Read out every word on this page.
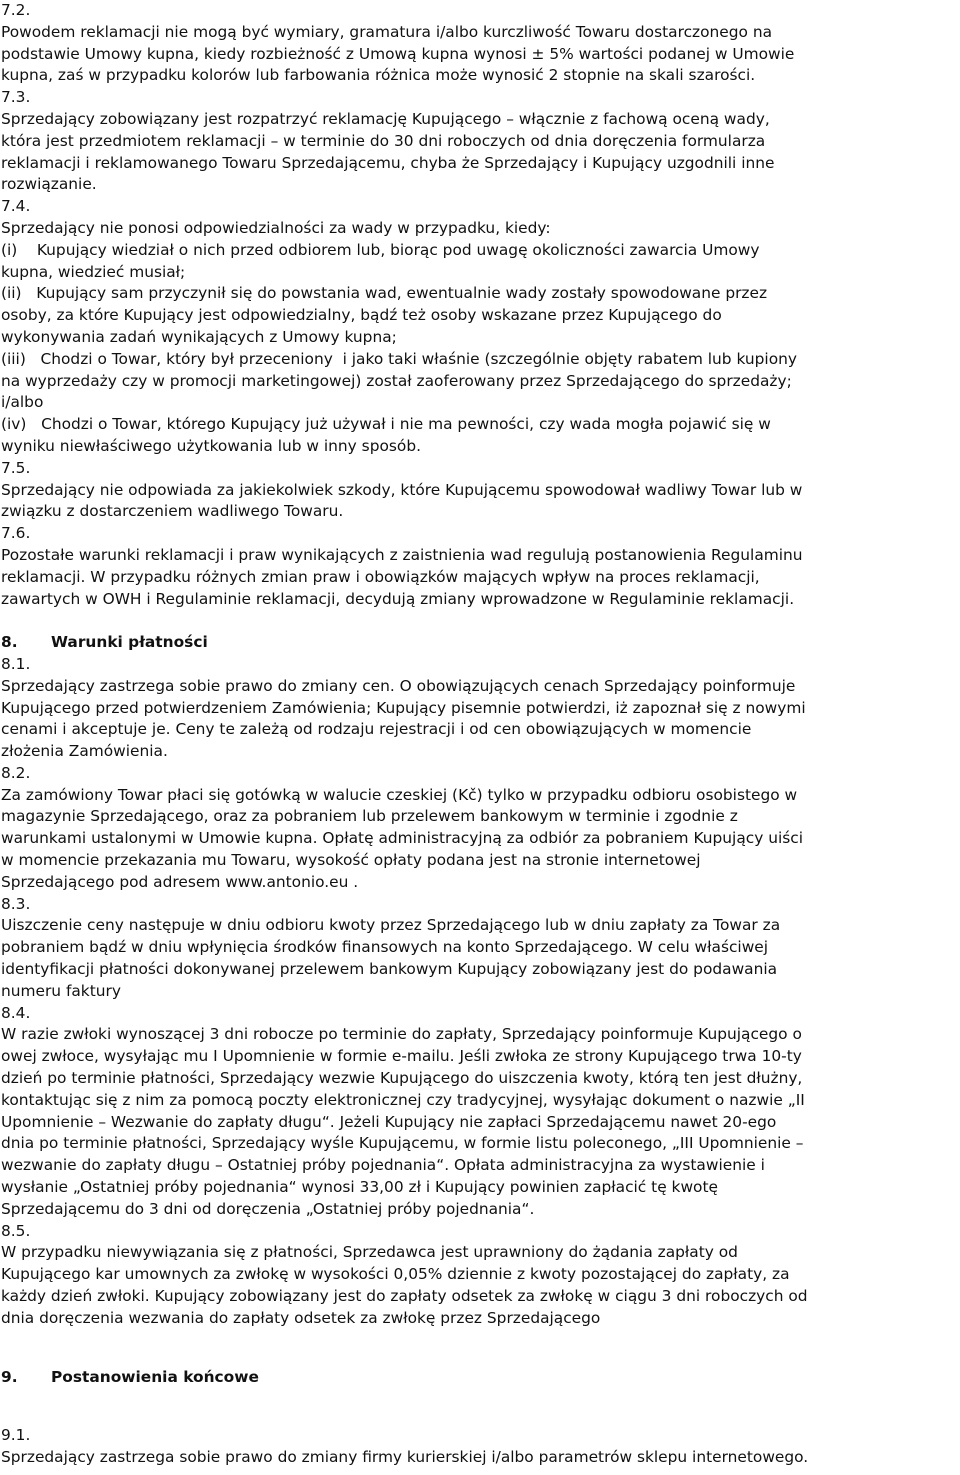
7.2.
Powodem reklamacji nie mogą być wymiary, gramatura i/albo kurczliwość Towaru dostarczonego na
podstawie Umowy kupna, kiedy rozbieżność z Umową kupna wynosi ± 5% wartości podanej w Umowie
kupna, zaś w przypadku kolorów lub farbowania różnica może wynosić 2 stopnie na skali szarości.
7.3.
Sprzedający zobowiązany jest rozpatrzyć reklamację Kupującego – włącznie z fachową oceną wady,
która jest przedmiotem reklamacji – w terminie do 30 dni roboczych od dnia doręczenia formularza
reklamacji i reklamowanego Towaru Sprzedającemu, chyba że Sprzedający i Kupujący uzgodnili inne
rozwiązanie.
7.4.
Sprzedający nie ponosi odpowiedzialności za wady w przypadku, kiedy:
(i)    Kupujący wiedział o nich przed odbiorem lub, biorąc pod uwagę okoliczności zawarcia Umowy
kupna, wiedzieć musiał;
(ii)   Kupujący sam przyczynił się do powstania wad, ewentualnie wady zostały spowodowane przez
osoby, za które Kupujący jest odpowiedzialny, bądź też osoby wskazane przez Kupującego do
wykonywania zadań wynikających z Umowy kupna;
(iii)   Chodzi o Towar, który był przeceniony  i jako taki właśnie (szczególnie objęty rabatem lub kupiony
na wyprzedaży czy w promocji marketingowej) został zaoferowany przez Sprzedającego do sprzedaży;
i/albo
(iv)   Chodzi o Towar, którego Kupujący już używał i nie ma pewności, czy wada mogła pojawić się w
wyniku niewłaściwego użytkowania lub w inny sposób.
7.5.
Sprzedający nie odpowiada za jakiekolwiek szkody, które Kupującemu spowodował wadliwy Towar lub w
związku z dostarczeniem wadliwego Towaru.
7.6.
Pozostałe warunki reklamacji i praw wynikających z zaistnienia wad regulują postanowienia Regulaminu
reklamacji. W przypadku różnych zmian praw i obowiązków mających wpływ na proces reklamacji,
zawartych w OWH i Regulaminie reklamacji, decydują zmiany wprowadzone w Regulaminie reklamacji.
8. Warunki płatności
8.1.
Sprzedający zastrzega sobie prawo do zmiany cen. O obowiązujących cenach Sprzedający poinformuje
Kupującego przed potwierdzeniem Zamówienia; Kupujący pisemnie potwierdzi, iż zapoznał się z nowymi
cenami i akceptuje je. Ceny te zależą od rodzaju rejestracji i od cen obowiązujących w momencie
złożenia Zamówienia.
8.2.
Za zamówiony Towar płaci się gotówką w walucie czeskiej (Kč) tylko w przypadku odbioru osobistego w
magazynie Sprzedającego, oraz za pobraniem lub przelewem bankowym w terminie i zgodnie z
warunkami ustalonymi w Umowie kupna. Opłatę administracyjną za odbiór za pobraniem Kupujący uiści
w momencie przekazania mu Towaru, wysokość opłaty podana jest na stronie internetowej
Sprzedającego pod adresem www.antonio.eu .
8.3.
Uiszczenie ceny następuje w dniu odbioru kwoty przez Sprzedającego lub w dniu zapłaty za Towar za
pobraniem bądź w dniu wpłynięcia środków finansowych na konto Sprzedającego. W celu właściwej
identyfikacji płatności dokonywanej przelewem bankowym Kupujący zobowiązany jest do podawania
numeru faktury
8.4.
W razie zwłoki wynoszącej 3 dni robocze po terminie do zapłaty, Sprzedający poinformuje Kupującego o
owej zwłoce, wysyłając mu I Upomnienie w formie e-mailu. Jeśli zwłoka ze strony Kupującego trwa 10-ty
dzień po terminie płatności, Sprzedający wezwie Kupującego do uiszczenia kwoty, którą ten jest dłużny,
kontaktując się z nim za pomocą poczty elektronicznej czy tradycyjnej, wysyłając dokument o nazwie „II
Upomnienie – Wezwanie do zapłaty długu“. Jeżeli Kupujący nie zapłaci Sprzedającemu nawet 20-ego
dnia po terminie płatności, Sprzedający wyśle Kupującemu, w formie listu poleconego, „III Upomnienie –
wezwanie do zapłaty długu – Ostatniej próby pojednania“. Opłata administracyjna za wystawienie i
wysłanie „Ostatniej próby pojednania“ wynosi 33,00 zł i Kupujący powinien zapłacić tę kwotę
Sprzedającemu do 3 dni od doręczenia „Ostatniej próby pojednania“.
8.5.
W przypadku niewywiązania się z płatności, Sprzedawca jest uprawniony do żądania zapłaty od
Kupującego kar umownych za zwłokę w wysokości 0,05% dziennie z kwoty pozostającej do zapłaty, za
każdy dzień zwłoki. Kupujący zobowiązany jest do zapłaty odsetek za zwłokę w ciągu 3 dni roboczych od
dnia doręczenia wezwania do zapłaty odsetek za zwłokę przez Sprzedającego
9. Postanowienia końcowe
9.1.
Sprzedający zastrzega sobie prawo do zmiany firmy kurierskiej i/albo parametrów sklepu internetowego.
